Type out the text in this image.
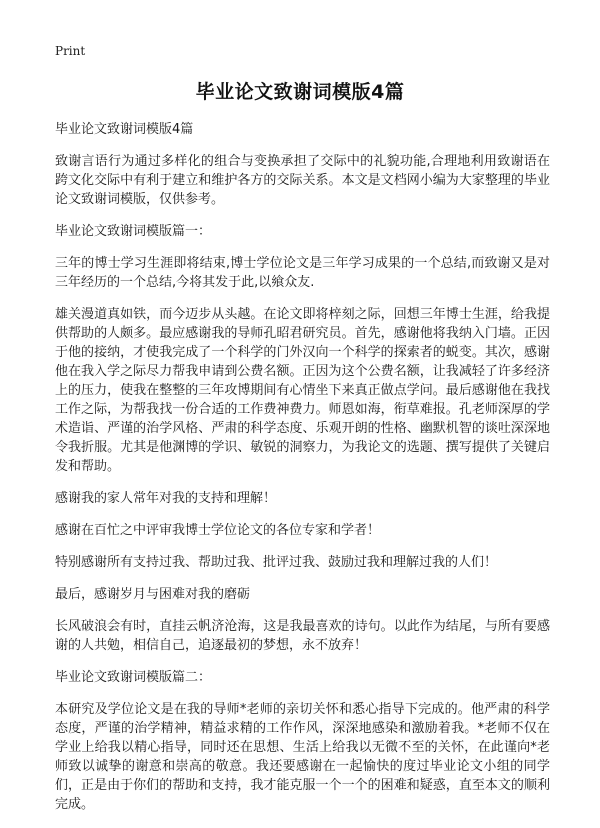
Print
毕业论文致谢词模版4篇

毕业论文致谢词模版4篇

致谢言语行为通过多样化的组合与变换承担了交际中的礼貌功能,合理地利用致谢语在跨文化交际中有利于建立和维护各方的交际关系。本文是文档网小编为大家整理的毕业论文致谢词模版，仅供参考。

毕业论文致谢词模版篇一：

三年的博士学习生涯即将结束,博士学位论文是三年学习成果的一个总结,而致谢又是对三年经历的一个总结,今将其发于此,以飨众友.

雄关漫道真如铁，而今迈步从头越。在论文即将梓刻之际，回想三年博士生涯，给我提供帮助的人颇多。最应感谢我的导师孔昭君研究员。首先，感谢他将我纳入门墙。正因于他的接纳，才使我完成了一个科学的门外汉向一个科学的探索者的蜕变。其次，感谢他在我入学之际尽力帮我申请到公费名额。正因为这个公费名额，让我减轻了许多经济上的压力，使我在整整的三年攻博期间有心情坐下来真正做点学问。最后感谢他在我找工作之际，为帮我找一份合适的工作费神费力。师恩如海，衔草难报。孔老师深厚的学术造诣、严谨的治学风格、严肃的科学态度、乐观开朗的性格、幽默机智的谈吐深深地令我折服。尤其是他渊博的学识、敏锐的洞察力，为我论文的选题、撰写提供了关键启发和帮助。

感谢我的家人常年对我的支持和理解！

感谢在百忙之中评审我博士学位论文的各位专家和学者！

特别感谢所有支持过我、帮助过我、批评过我、鼓励过我和理解过我的人们！

最后，感谢岁月与困难对我的磨砺

长风破浪会有时，直挂云帆济沧海，这是我最喜欢的诗句。以此作为结尾，与所有要感谢的人共勉，相信自己，追逐最初的梦想，永不放弃！

毕业论文致谢词模版篇二：

本研究及学位论文是在我的导师*老师的亲切关怀和悉心指导下完成的。他严肃的科学态度，严谨的治学精神，精益求精的工作作风，深深地感染和激励着我。*老师不仅在学业上给我以精心指导，同时还在思想、生活上给我以无微不至的关怀，在此谨向*老师致以诚挚的谢意和崇高的敬意。我还要感谢在一起愉快的度过毕业论文小组的同学们，正是由于你们的帮助和支持，我才能克服一个一个的困难和疑惑，直至本文的顺利完成。
